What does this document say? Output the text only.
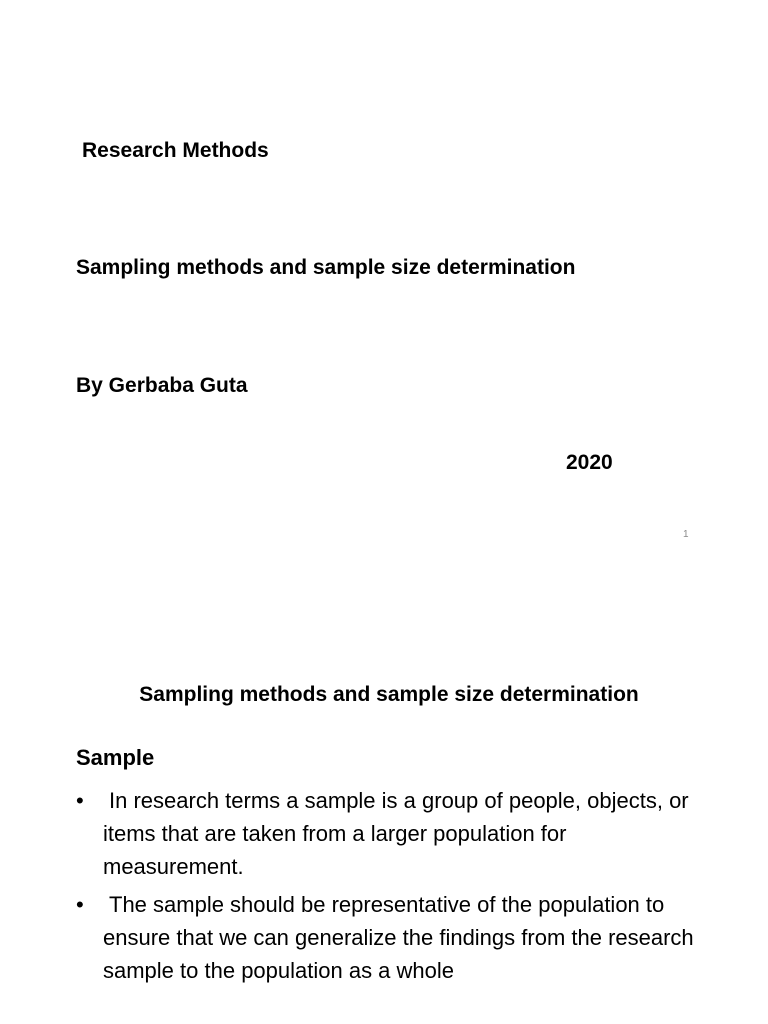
Research Methods
Sampling methods and sample size determination
By Gerbaba Guta
2020
1
Sampling methods and sample size determination
Sample
• In research terms a sample is a group of people, objects, or items that are taken from a larger population for measurement.
• The sample should be representative of the population to ensure that we can generalize the findings from the research sample to the population as a whole
